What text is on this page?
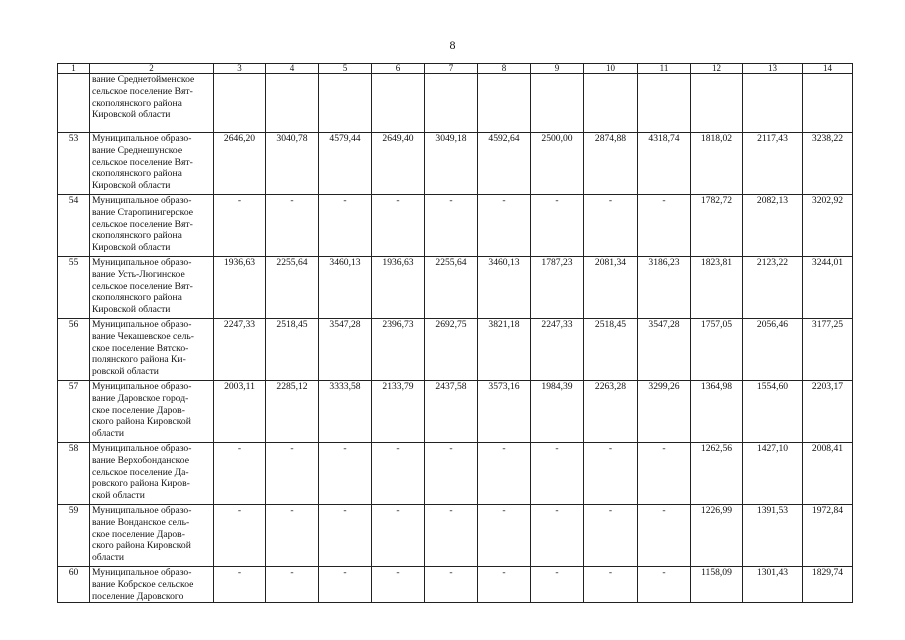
8
1	2	3	4	5	6	7	8	9	10	11	12	13	14

	вание Среднетойменское
сельское поселение Вят-
скополянского района
Кировской области												

53	Муниципальное образо-
вание Среднешунское
сельское поселение Вят-
скополянского района
Кировской области	2646,20	3040,78	4579,44	2649,40	3049,18	4592,64	2500,00	2874,88	4318,74	1818,02	2117,43	3238,22
54	Муниципальное образо-
вание Старопинигерское
сельское поселение Вят-
скополянского района
Кировской области	-	-	-	-	-	-	-	-	-	1782,72	2082,13	3202,92
55	Муниципальное образо-
вание Усть-Люгинское
сельское поселение Вят-
скополянского района
Кировской области	1936,63	2255,64	3460,13	1936,63	2255,64	3460,13	1787,23	2081,34	3186,23	1823,81	2123,22	3244,01
56	Муниципальное образо-
вание Чекашевское сель-
ское поселение Вятско-
полянского района Ки-
ровской области	2247,33	2518,45	3547,28	2396,73	2692,75	3821,18	2247,33	2518,45	3547,28	1757,05	2056,46	3177,25
57	Муниципальное образо-
вание Даровское город-
ское поселение Даров-
ского района Кировской
области	2003,11	2285,12	3333,58	2133,79	2437,58	3573,16	1984,39	2263,28	3299,26	1364,98	1554,60	2203,17
58	Муниципальное образо-
вание Верхобонданское
сельское поселение Да-
ровского района Киров-
ской области	-	-	-	-	-	-	-	-	-	1262,56	1427,10	2008,41
59	Муниципальное образо-
вание Вонданское сель-
ское поселение Даров-
ского района Кировской
области	-	-	-	-	-	-	-	-	-	1226,99	1391,53	1972,84
60	Муниципальное образо-
вание Кобрское сельское
поселение Даровского	-	-	-	-	-	-	-	-	-	1158,09	1301,43	1829,74
